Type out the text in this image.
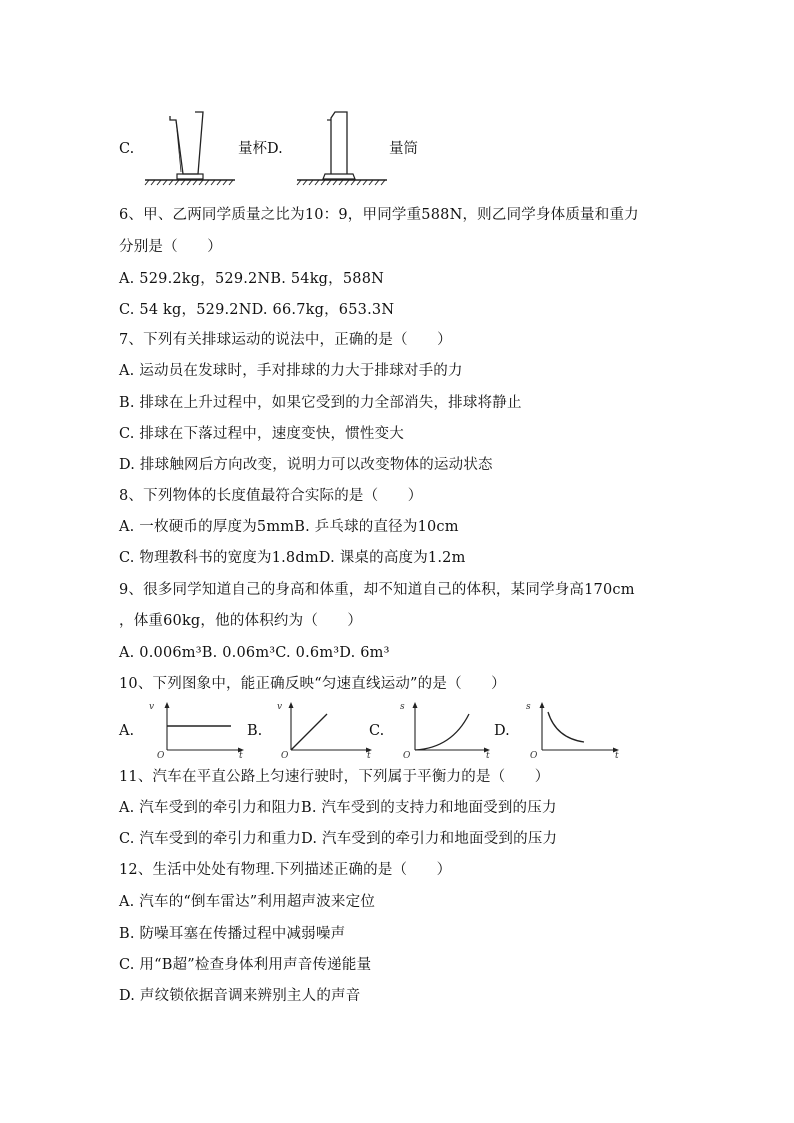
C.	量杯D.	量筒
6、甲、乙两同学质量之比为10：9，甲同学重588N，则乙同学身体质量和重力
分别是（　　）
A. 529.2kg，529.2NB. 54kg，588N
C. 54 kg，529.2ND. 66.7kg，653.3N
7、下列有关排球运动的说法中，正确的是（　　）
A. 运动员在发球时，手对排球的力大于排球对手的力
B. 排球在上升过程中，如果它受到的力全部消失，排球将静止
C. 排球在下落过程中，速度变快，惯性变大
D. 排球触网后方向改变，说明力可以改变物体的运动状态
8、下列物体的长度值最符合实际的是（　　）
A. 一枚硬币的厚度为5mmB. 乒乓球的直径为10cm
C. 物理教科书的宽度为1.8dmD. 课桌的高度为1.2m
9、很多同学知道自己的身高和体重，却不知道自己的体积，某同学身高170cm
，体重60kg，他的体积约为（　　）
A. 0.006m³B. 0.06m³C. 0.6m³D. 6m³
10、下列图象中，能正确反映“匀速直线运动”的是（　　）
A.
v
O	t
B.
v
O	t
C.
s
O	t
D.
s
O	t
11、汽车在平直公路上匀速行驶时，下列属于平衡力的是（　　）
A. 汽车受到的牵引力和阻力B. 汽车受到的支持力和地面受到的压力
C. 汽车受到的牵引力和重力D. 汽车受到的牵引力和地面受到的压力
12、生活中处处有物理.下列描述正确的是（　　）
A. 汽车的“倒车雷达”利用超声波来定位
B. 防噪耳塞在传播过程中减弱噪声
C. 用“B超”检查身体利用声音传递能量
D. 声纹锁依据音调来辨别主人的声音
